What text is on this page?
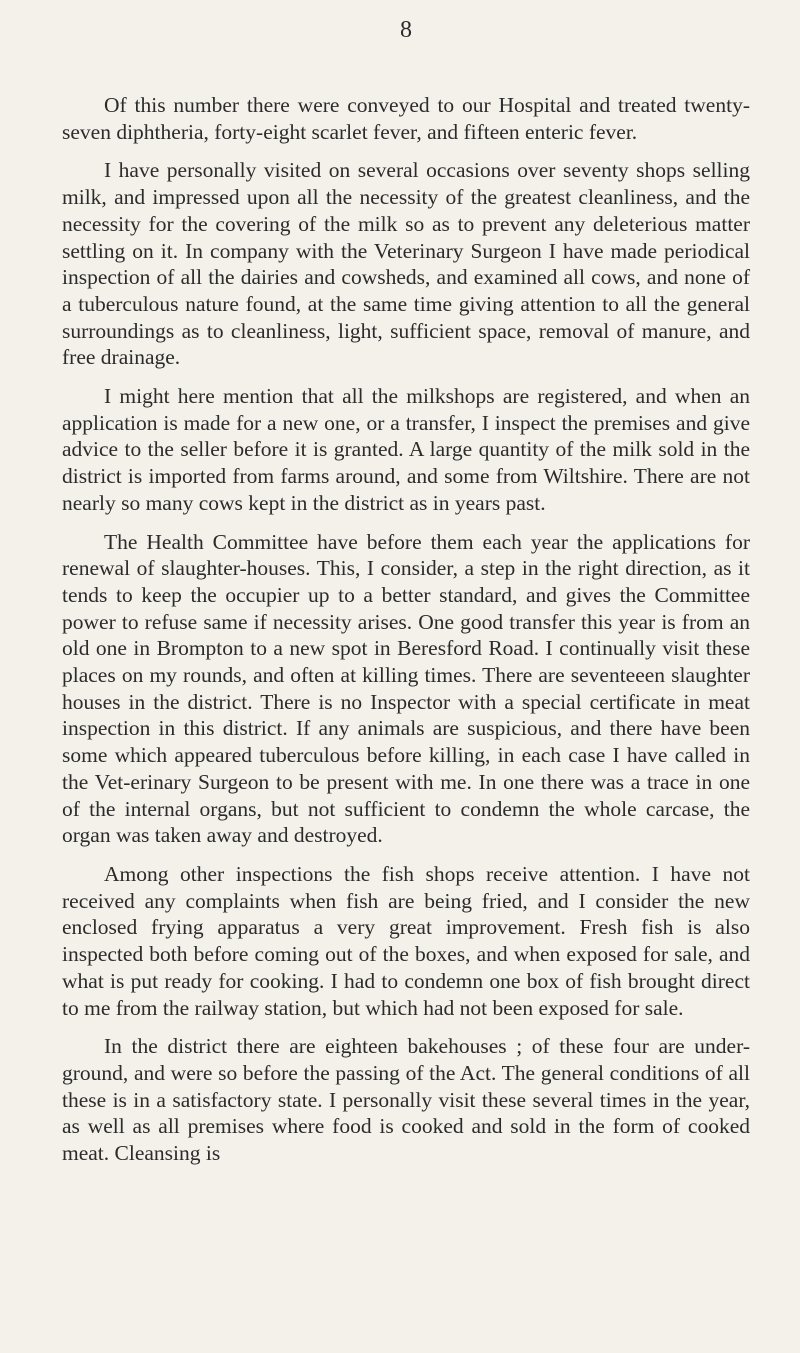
8

Of this number there were conveyed to our Hospital and treated twenty-seven diphtheria, forty-eight scarlet fever, and fifteen enteric fever.

I have personally visited on several occasions over seventy shops selling milk, and impressed upon all the necessity of the greatest cleanliness, and the necessity for the covering of the milk so as to prevent any deleterious matter settling on it. In company with the Veterinary Surgeon I have made periodical inspection of all the dairies and cowsheds, and examined all cows, and none of a tuberculous nature found, at the same time giving attention to all the general surroundings as to cleanliness, light, sufficient space, removal of manure, and free drainage.

I might here mention that all the milkshops are registered, and when an application is made for a new one, or a transfer, I inspect the premises and give advice to the seller before it is granted. A large quantity of the milk sold in the district is imported from farms around, and some from Wiltshire. There are not nearly so many cows kept in the district as in years past.

The Health Committee have before them each year the applications for renewal of slaughter-houses. This, I consider, a step in the right direction, as it tends to keep the occupier up to a better standard, and gives the Committee power to refuse same if necessity arises. One good transfer this year is from an old one in Brompton to a new spot in Beresford Road. I continually visit these places on my rounds, and often at killing times. There are seventeeen slaughter houses in the district. There is no Inspector with a special certificate in meat inspection in this district. If any animals are suspicious, and there have been some which appeared tuberculous before killing, in each case I have called in the Vet-erinary Surgeon to be present with me. In one there was a trace in one of the internal organs, but not sufficient to condemn the whole carcase, the organ was taken away and destroyed.

Among other inspections the fish shops receive attention. I have not received any complaints when fish are being fried, and I consider the new enclosed frying apparatus a very great improvement. Fresh fish is also inspected both before coming out of the boxes, and when exposed for sale, and what is put ready for cooking. I had to condemn one box of fish brought direct to me from the railway station, but which had not been exposed for sale.

In the district there are eighteen bakehouses ; of these four are under-ground, and were so before the passing of the Act. The general conditions of all these is in a satisfactory state. I personally visit these several times in the year, as well as all premises where food is cooked and sold in the form of cooked meat. Cleansing is
